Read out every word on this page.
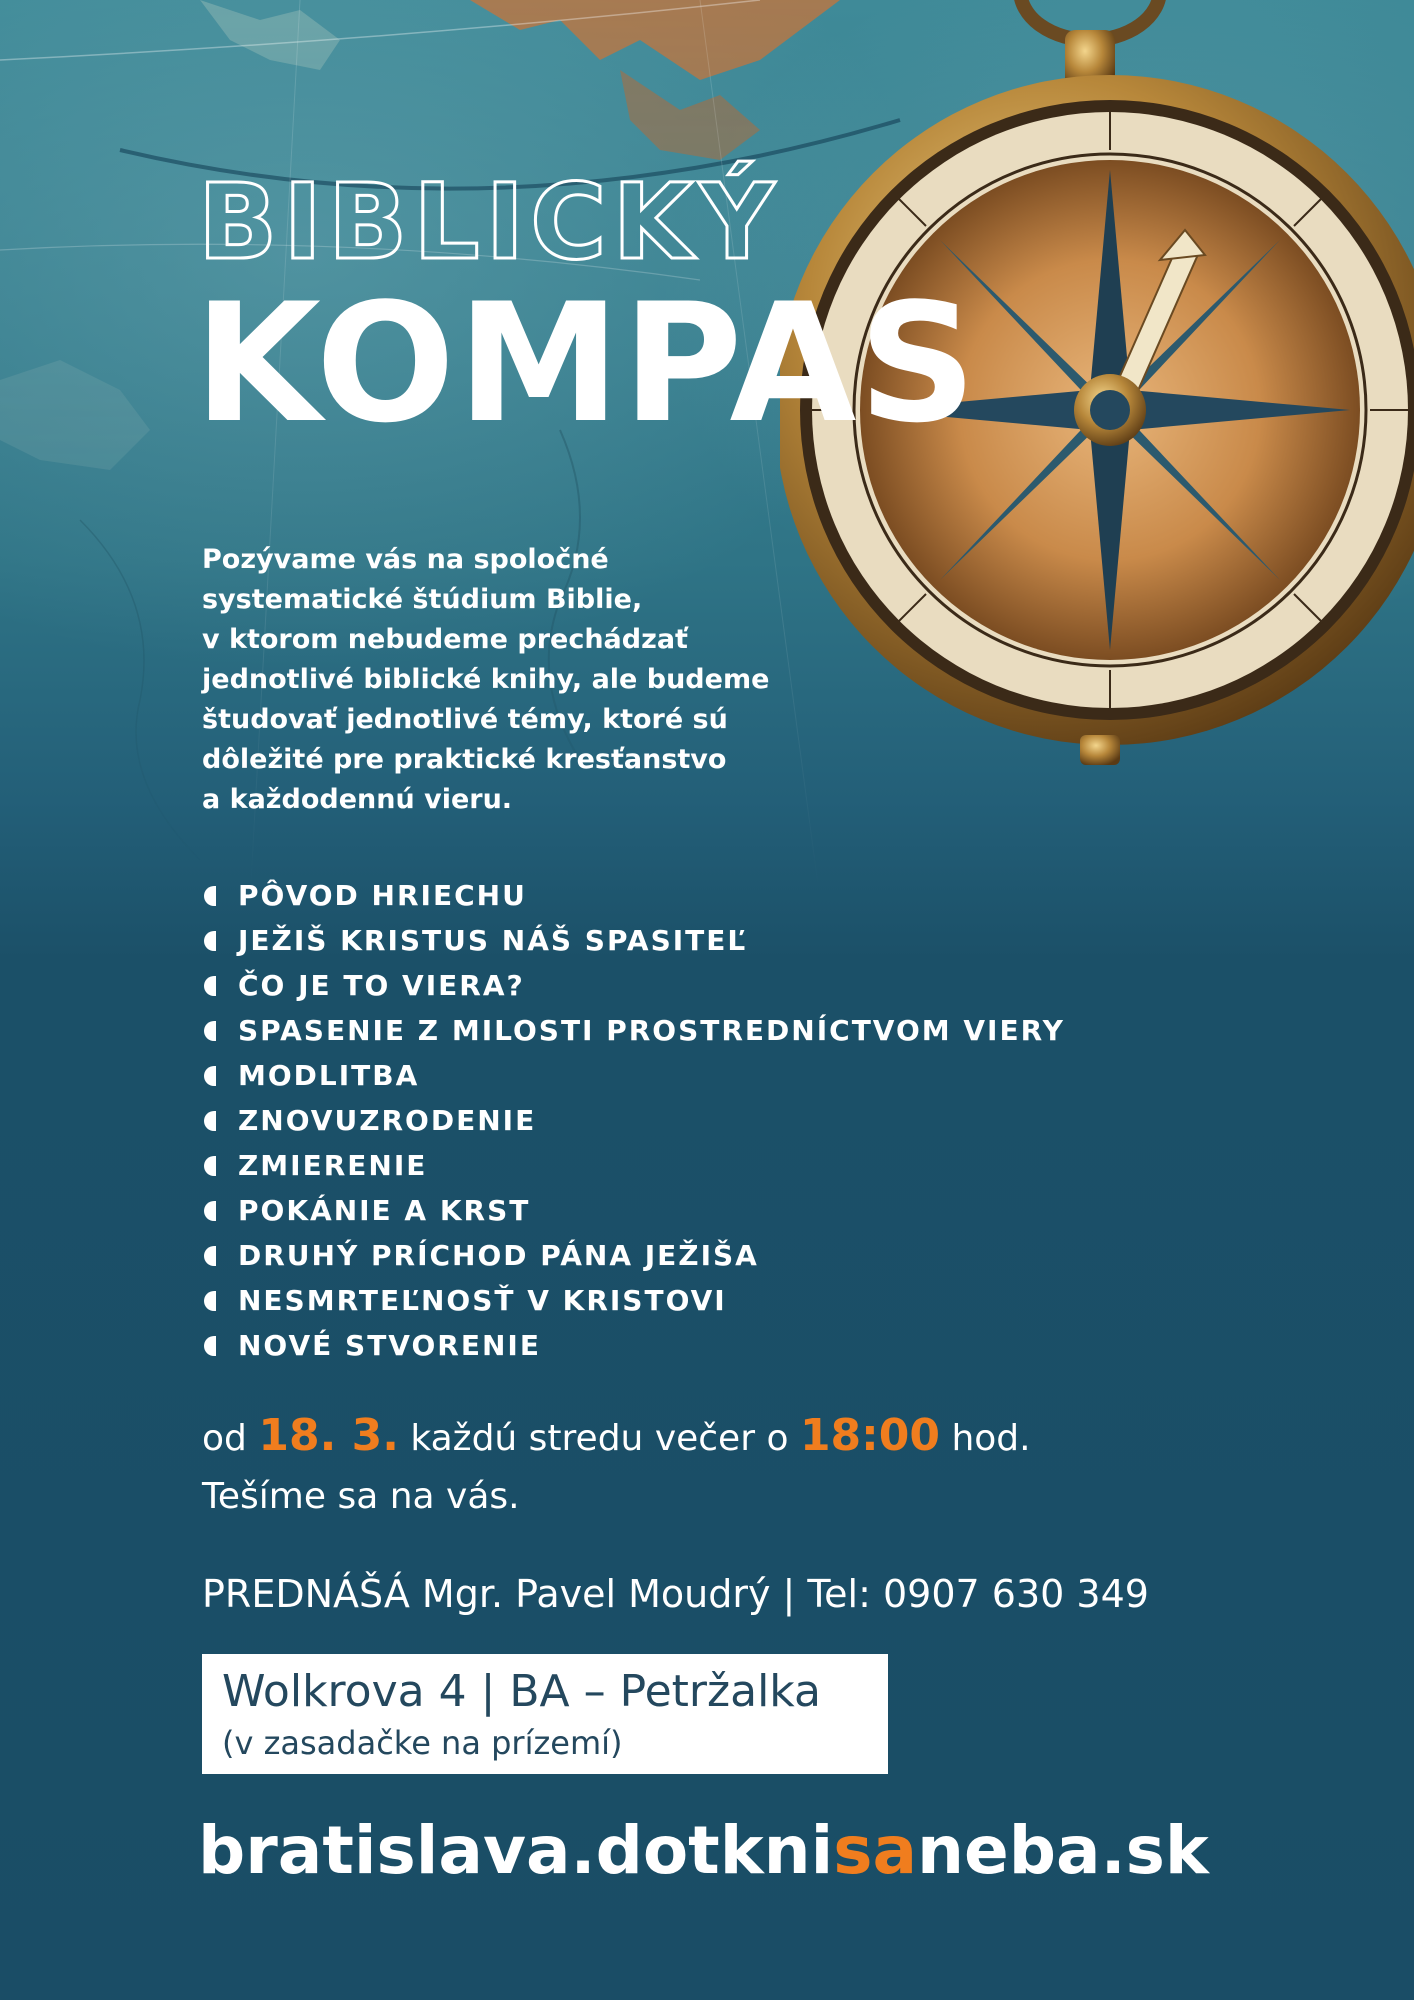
BIBLICKÝ
KOMPAS

Pozývame vás na spoločné
systematické štúdium Biblie,
v ktorom nebudeme prechádzať
jednotlivé biblické knihy, ale budeme
študovať jednotlivé témy, ktoré sú
dôležité pre praktické kresťanstvo
a každodennú vieru.

PÔVOD HRIECHU
JEŽIŠ KRISTUS NÁŠ SPASITEĽ
ČO JE TO VIERA?
SPASENIE Z MILOSTI PROSTREDNÍCTVOM VIERY
MODLITBA
ZNOVUZRODENIE
ZMIERENIE
POKÁNIE A KRST
DRUHÝ PRÍCHOD PÁNA JEŽIŠA
NESMRTEĽNOSŤ V KRISTOVI
NOVÉ STVORENIE

od 18. 3. každú stredu večer o 18:00 hod.

Tešíme sa na vás.

PREDNÁŠÁ Mgr. Pavel Moudrý | Tel: 0907 630 349

Wolkrova 4 | BA – Petržalka
(v zasadačke na prízemí)

bratislava.dotknisaneba.sk
